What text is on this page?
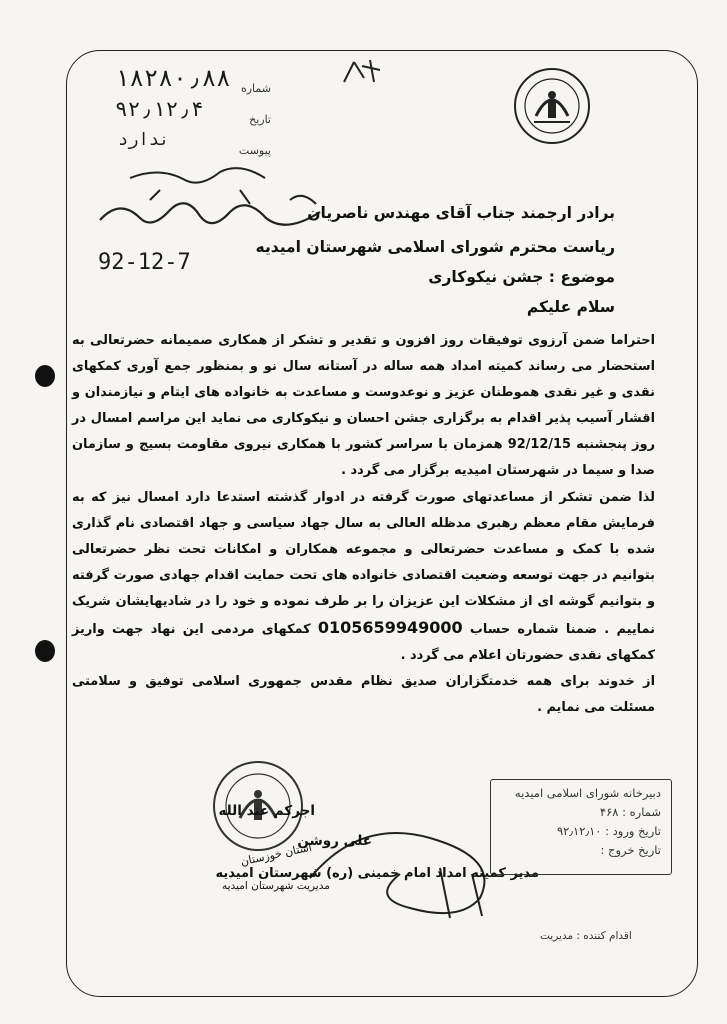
شماره
۱۸۲۸۰٫۸۸
تاریخ
۹۲٫۱۲٫۴
پیوست
ندارد
92-12-7
برادر ارجمند جناب آقای مهندس ناصریان
ریاست محترم شورای اسلامی شهرستان امیدیه
موضوع : جشن نیکوکاری
سلام علیکم

احتراما ضمن آرزوی توفیقات روز افزون و تقدیر و تشکر از همکاری صمیمانه حضرتعالی به استحضار می رساند کمیته امداد همه ساله در آستانه سال نو و بمنظور جمع آوری کمکهای نقدی و غیر نقدی هموطنان عزیز و نوعدوست و مساعدت به خانواده های ایتام و نیازمندان و اقشار آسیب پذیر اقدام به برگزاری جشن احسان و نیکوکاری می نماید این مراسم امسال در روز پنجشنبه 92/12/15 همزمان با سراسر کشور با همکاری نیروی مقاومت بسیج و سازمان صدا و سیما در شهرستان امیدیه برگزار می گردد .

لذا ضمن تشکر از مساعدتهای صورت گرفته در ادوار گذشته استدعا دارد امسال نیز که به فرمایش مقام معظم رهبری مدظله العالی به سال جهاد سیاسی و جهاد اقتصادی نام گذاری شده با کمک و مساعدت حضرتعالی و مجموعه همکاران و امکانات تحت نظر حضرتعالی بتوانیم در جهت توسعه وضعیت اقتصادی خانواده های تحت حمایت اقدام جهادی صورت گرفته و بتوانیم گوشه ای از مشکلات این عزیزان را بر طرف نموده و خود را در شادیهایشان شریک نماییم . ضمنا شماره حساب 0105659949000 کمکهای مردمی این نهاد جهت واریز کمکهای نقدی حضورتان اعلام می گردد .

از خدوند برای همه خدمتگزاران صدیق نظام مقدس جمهوری اسلامی توفیق و سلامتی مسئلت می نمایم .

اجرکم عند الله
علی روشن
مدیر کمیته امداد امام خمینی (ره) شهرستان امیدیه
استان خوزستان
مدیریت شهرستان امیدیه
دبیرخانه شورای اسلامی امیدیه
شماره : ۴۶۸
تاریخ ورود : ۹۲٫۱۲٫۱۰
تاریخ خروج :
اقدام کننده : مدیریت
